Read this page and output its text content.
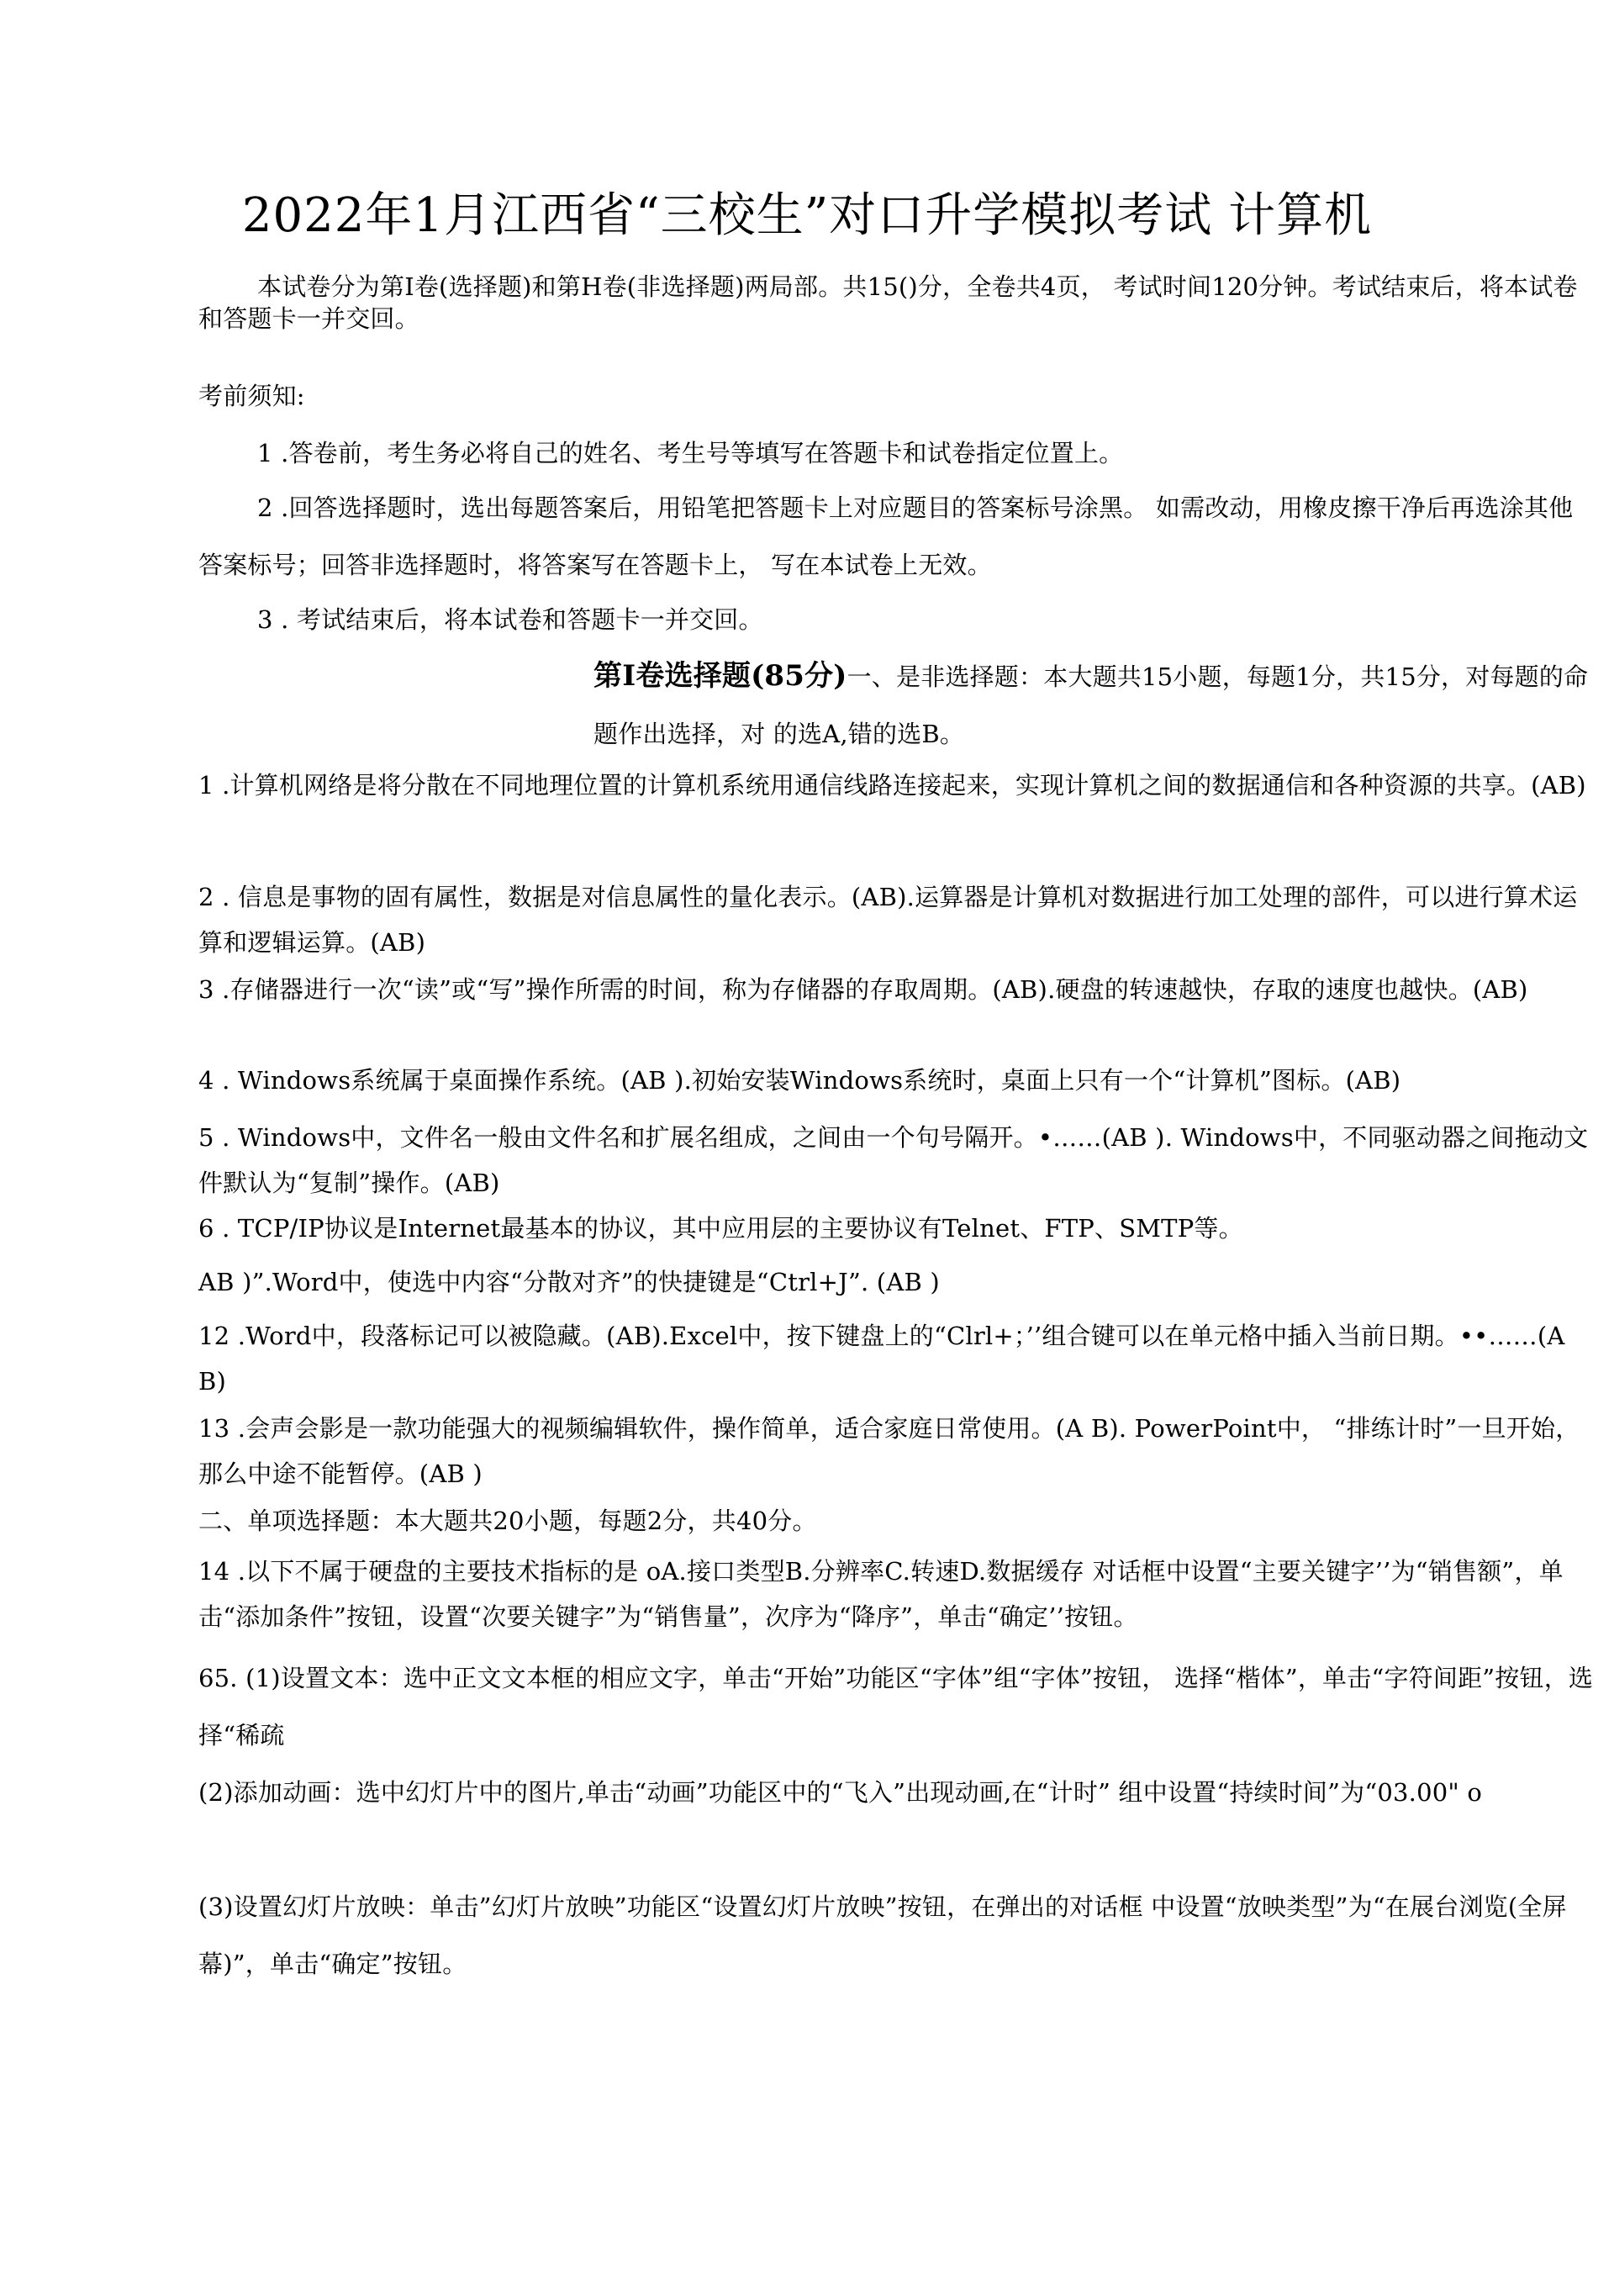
2022年1月江西省“三校生”对口升学模拟考试 计算机
本试卷分为第I卷(选择题)和第H卷(非选择题)两局部。共15()分，全卷共4页， 考试时间120分钟。考试结束后，将本试卷和答题卡一并交回。
考前须知:
1 .答卷前，考生务必将自己的姓名、考生号等填写在答题卡和试卷指定位置上。
2 .回答选择题时，选出每题答案后，用铅笔把答题卡上对应题目的答案标号涂黑。 如需改动，用橡皮擦干净后再选涂其他答案标号；回答非选择题时，将答案写在答题卡上， 写在本试卷上无效。
3 . 考试结束后，将本试卷和答题卡一并交回。
第I卷选择题(85分)一、是非选择题：本大题共15小题，每题1分，共15分，对每题的命题作出选择，对 的选A,错的选B。
1 .计算机网络是将分散在不同地理位置的计算机系统用通信线路连接起来，实现计算机之间的数据通信和各种资源的共享。(AB)
2 . 信息是事物的固有属性，数据是对信息属性的量化表示。(AB).运算器是计算机对数据进行加工处理的部件，可以进行算术运算和逻辑运算。(AB)
3 .存储器进行一次“读”或“写”操作所需的时间，称为存储器的存取周期。(AB).硬盘的转速越快，存取的速度也越快。(AB)
4 . Windows系统属于桌面操作系统。(AB ).初始安装Windows系统时，桌面上只有一个“计算机”图标。(AB)
5 . Windows中，文件名一般由文件名和扩展名组成，之间由一个句号隔开。•……(AB ). Windows中，不同驱动器之间拖动文件默认为“复制”操作。(AB)
6 . TCP/IP协议是Internet最基本的协议，其中应用层的主要协议有Telnet、FTP、SMTP等。
AB )”.Word中，使选中内容“分散对齐”的快捷键是“Ctrl+J”. (AB )
12 .Word中，段落标记可以被隐藏。(AB).Excel中，按下键盘上的“Clrl+；’’组合键可以在单元格中插入当前日期。••……(A B)
13 .会声会影是一款功能强大的视频编辑软件，操作简单，适合家庭日常使用。(A B). PowerPoint中， “排练计时”一旦开始，那么中途不能暂停。(AB )
二、单项选择题：本大题共20小题，每题2分，共40分。
14 .以下不属于硬盘的主要技术指标的是 oA.接口类型B.分辨率C.转速D.数据缓存 对话框中设置“主要关键字’’为“销售额”，单击“添加条件”按钮，设置“次要关键字”为“销售量”，次序为“降序”，单击“确定’’按钮。
65. (1)设置文本：选中正文文本框的相应文字，单击“开始”功能区“字体”组“字体”按钮， 选择“楷体”，单击“字符间距”按钮，选择“稀疏
(2)添加动画：选中幻灯片中的图片,单击“动画”功能区中的“飞入”出现动画,在“计时” 组中设置“持续时间”为“03.00" o
(3)设置幻灯片放映：单击”幻灯片放映”功能区“设置幻灯片放映”按钮，在弹出的对话框 中设置“放映类型”为“在展台浏览(全屏幕)”，单击“确定”按钮。
